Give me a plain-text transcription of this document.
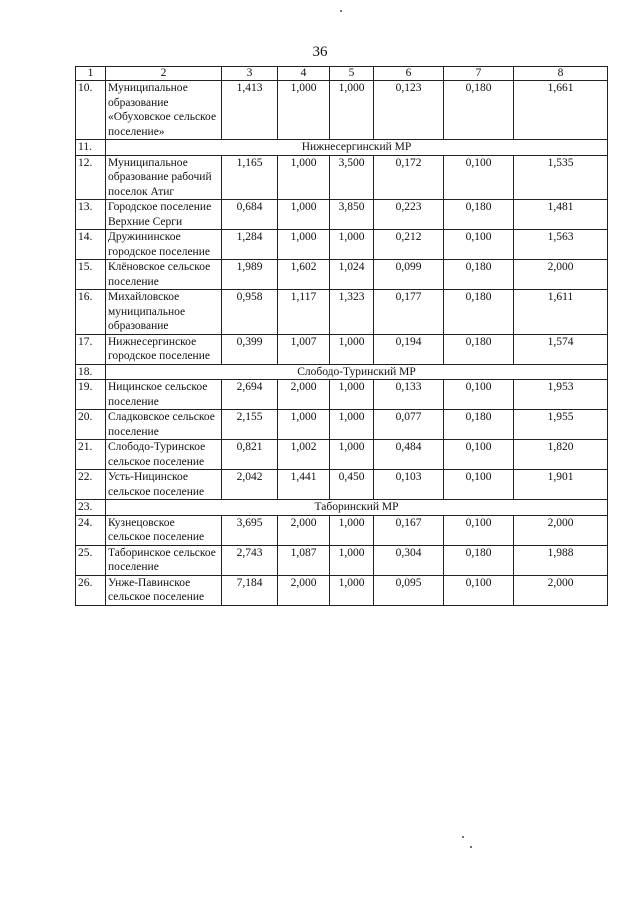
36
1	2	3	4	5	6	7	8
10.	Муниципальное образование «Обуховское сельское поселение»	1,413	1,000	1,000	0,123	0,180	1,661
11.	Нижнесергинский МР						
12.	Муниципальное образование рабочий поселок Атиг	1,165	1,000	3,500	0,172	0,100	1,535
13.	Городское поселение Верхние Серги	0,684	1,000	3,850	0,223	0,180	1,481
14.	Дружининское городское поселение	1,284	1,000	1,000	0,212	0,100	1,563
15.	Клёновское сельское поселение	1,989	1,602	1,024	0,099	0,180	2,000
16.	Михайловское муниципальное образование	0,958	1,117	1,323	0,177	0,180	1,611
17.	Нижнесергинское городское поселение	0,399	1,007	1,000	0,194	0,180	1,574
18.	Слободо-Туринский МР						
19.	Ницинское сельское поселение	2,694	2,000	1,000	0,133	0,100	1,953
20.	Сладковское сельское поселение	2,155	1,000	1,000	0,077	0,180	1,955
21.	Слободо-Туринское сельское поселение	0,821	1,002	1,000	0,484	0,100	1,820
22.	Усть-Ницинское сельское поселение	2,042	1,441	0,450	0,103	0,100	1,901
23.	Таборинский МР						
24.	Кузнецовское сельское поселение	3,695	2,000	1,000	0,167	0,100	2,000
25.	Таборинское сельское поселение	2,743	1,087	1,000	0,304	0,180	1,988
26.	Унже-Павинское сельское поселение	7,184	2,000	1,000	0,095	0,100	2,000
